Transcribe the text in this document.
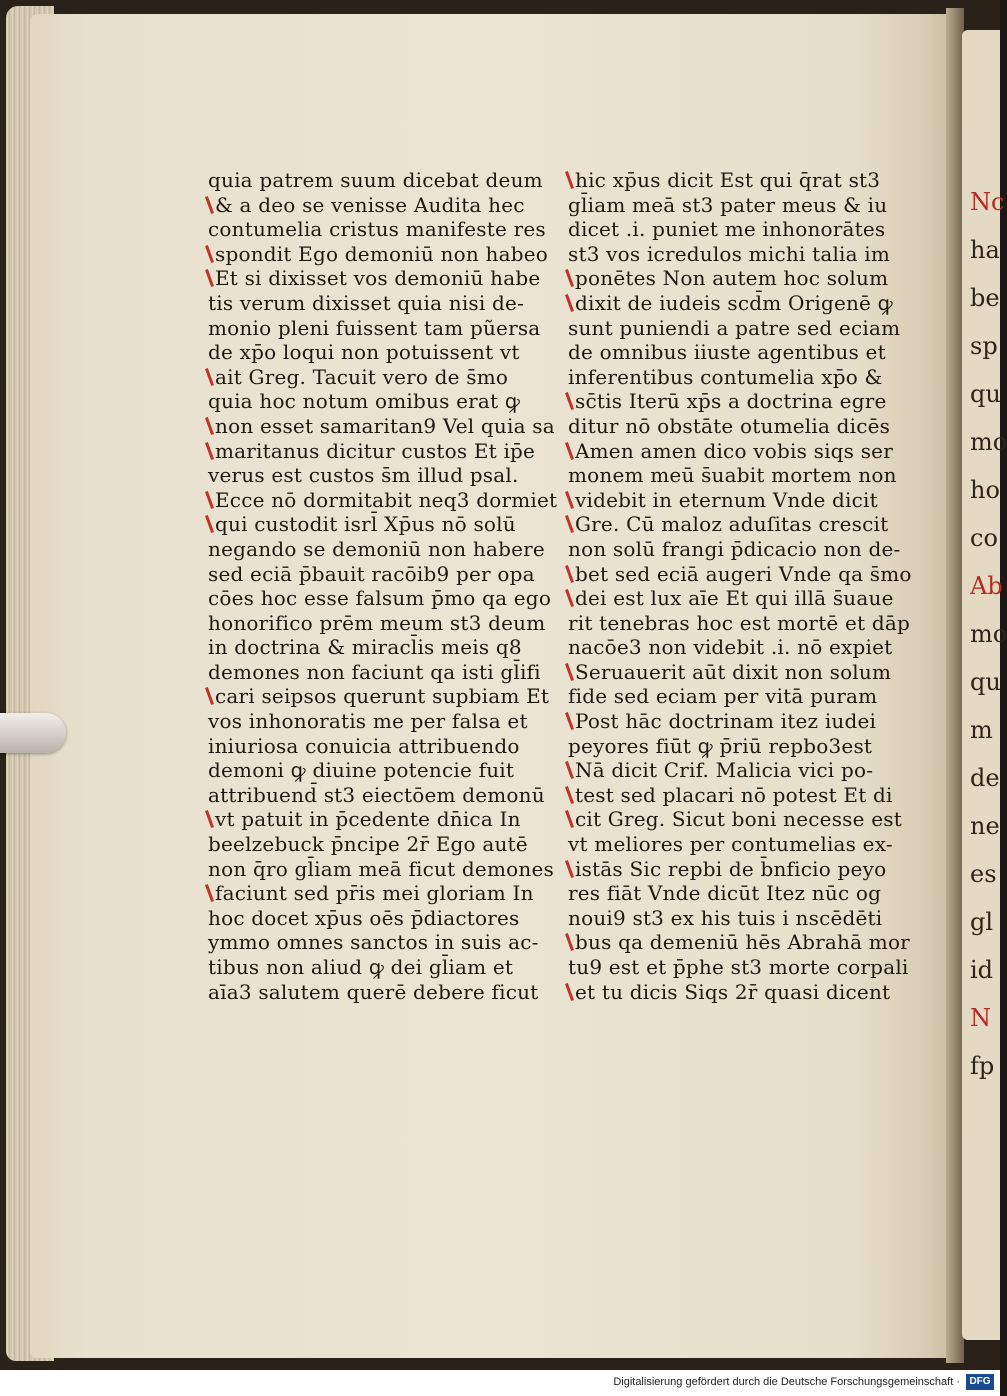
Nc
ha
be
sp
qu
mo
ho
co
Ab
mo
qu
m
de
ne
es
gl
id
N
fp
quia patrem suum dicebat deum
& a deo se venisse Audita hec
contumelia cristus manifeste res
spondit Ego demoniū non habeo
Et si dixisset vos demoniū habe
tis verum dixisset quia nisi de-
monio pleni fuissent tam pũersa
de xp̄o loqui non potuissent vt
ait Greg. Tacuit vero de s̄mo
quia hoc notum omibus erat ꝙ
non esset samaritan9 Vel quia sa
maritanus dicitur custos Et ip̄e
verus est custos s̄m illud psal.
Ecce nō dormitabit neq3 dormiet
qui custodit isrl̄ Xp̄us nō solū
negando se demoniū non habere
sed eciā p̄bauit racōib9 per opa
cōes hoc esse falsum p̄mo qa ego
honorifico prēm meum st3 deum
in doctrina & miracl̄is meis q8
demones non faciunt qa isti gl̄ifi
cari seipsos querunt supbiam Et
vos inhonoratis me per falsa et
iniuriosa conuicia attribuendo
demoni ꝙ diuine potencie fuit
attribuend̄ st3 eiectōem demonū
vt patuit in p̄cedente dn̄ica In
beelzebuck p̄ncipe 2r̄ Ego autē
non q̄ro gl̄iam meā ficut demones
faciunt sed pr̄is mei gloriam In
hoc docet xp̄us oēs p̄diactores
ymmo omnes sanctos in suis ac-
tibus non aliud ꝙ dei gl̄iam et
aīa3 salutem querē debere ficut
hic xp̄us dicit Est qui q̄rat st3
gl̄iam meā st3 pater meus & iu
dicet .i. puniet me inhonorātes
st3 vos icredulos michi talia im
ponētes Non autem hoc solum
dixit de iudeis scd̄m Origenē ꝙ
sunt puniendi a patre sed eciam
de omnibus iiuste agentibus et
inferentibus contumelia xp̄o &
sc̄tis Iterū xp̄s a doctrina egre
ditur nō obstāte otumelia dicēs
Amen amen dico vobis siqs ser
monem meū s̄uabit mortem non
videbit in eternum Vnde dicit
Gre. Cū maloz aduſitas crescit
non solū frangi p̄dicacio non de-
bet sed eciā augeri Vnde qa s̄mo
dei est lux aīe Et qui illā s̄uaue
rit tenebras hoc est mortē et dāp
nacōe3 non videbit .i. nō expiet
Seruauerit aūt dixit non solum
fide sed eciam per vitā puram
Post hāc doctrinam itez iudei
peyores fiūt ꝙ p̄riū repbo3est
Nā dicit Crif. Malicia vici po-
test sed placari nō potest Et di
cit Greg. Sicut boni necesse est
vt meliores per contumelias ex-
istās Sic repbi de b̄nficio peyo
res fiāt Vnde dicūt Itez nūc og
noui9 st3 ex his tuis i nscēdēti
bus qa demeniū hēs Abrahā mor
tu9 est et p̄phe st3 morte corpali
et tu dicis Siqs 2r̄ quasi dicent
Digitalisierung gefördert durch die Deutsche Forschungsgemeinschaft · DFG
